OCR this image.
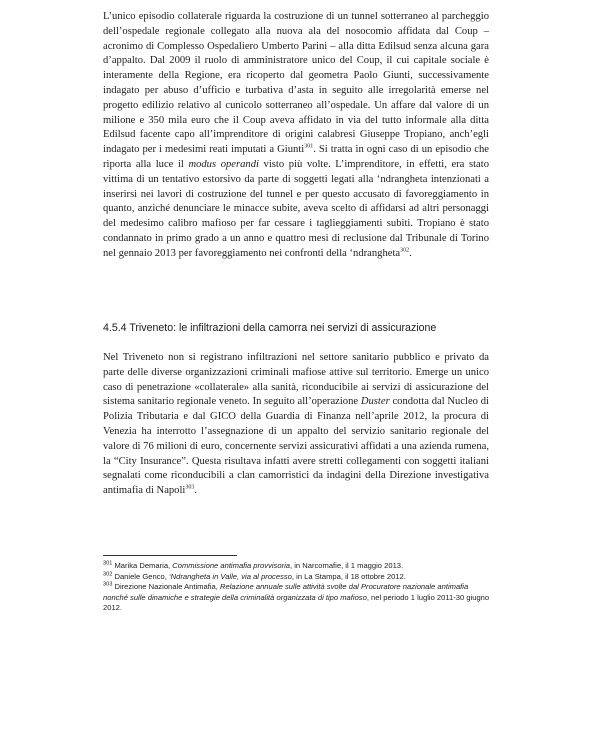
L’unico episodio collaterale riguarda la costruzione di un tunnel sotterraneo al parcheggio dell’ospedale regionale collegato alla nuova ala del nosocomio affidata dal Coup – acronimo di Complesso Ospedaliero Umberto Parini – alla ditta Edilsud senza alcuna gara d’appalto. Dal 2009 il ruolo di amministratore unico del Coup, il cui capitale sociale è interamente della Regione, era ricoperto dal geometra Paolo Giunti, successivamente indagato per abuso d’ufficio e turbativa d’asta in seguito alle irregolarità emerse nel progetto edilizio relativo al cunicolo sotterraneo all’ospedale. Un affare dal valore di un milione e 350 mila euro che il Coup aveva affidato in via del tutto informale alla ditta Edilsud facente capo all’imprenditore di origini calabresi Giuseppe Tropiano, anch’egli indagato per i medesimi reati imputati a Giunti$^{301}$. Si tratta in ogni caso di un episodio che riporta alla luce il modus operandi visto più volte. L’imprenditore, in effetti, era stato vittima di un tentativo estorsivo da parte di soggetti legati alla ‘ndrangheta intenzionati a inserirsi nei lavori di costruzione del tunnel e per questo accusato di favoreggiamento in quanto, anziché denunciare le minacce subite, aveva scelto di affidarsi ad altri personaggi del medesimo calibro mafioso per far cessare i taglieggiamenti subiti. Tropiano è stato condannato in primo grado a un anno e quattro mesi di reclusione dal Tribunale di Torino nel gennaio 2013 per favoreggiamento nei confronti della ‘ndrangheta$^{302}$.

4.5.4 Triveneto: le infiltrazioni della camorra nei servizi di assicurazione

Nel Triveneto non si registrano infiltrazioni nel settore sanitario pubblico e privato da parte delle diverse organizzazioni criminali mafiose attive sul territorio. Emerge un unico caso di penetrazione «collaterale» alla sanità, riconducibile ai servizi di assicurazione del sistema sanitario regionale veneto. In seguito all’operazione Duster condotta dal Nucleo di Polizia Tributaria e dal GICO della Guardia di Finanza nell’aprile 2012, la procura di Venezia ha interrotto l’assegnazione di un appalto del servizio sanitario regionale del valore di 76 milioni di euro, concernente servizi assicurativi affidati a una azienda rumena, la “City Insurance”. Questa risultava infatti avere stretti collegamenti con soggetti italiani segnalati come riconducibili a clan camorristici da indagini della Direzione investigativa antimafia di Napoli$^{303}$.

$^{301}$ Marika Demaria, Commissione antimafia provvisoria, in Narcomafie, il 1 maggio 2013.

$^{302}$ Daniele Genco, ‘Ndrangheta in Valle, via al processo, in La Stampa, il 18 ottobre 2012.

$^{303}$ Direzione Nazionale Antimafia, Relazione annuale sulle attività svolte dal Procuratore nazionale antimafia nonché sulle dinamiche e strategie della criminalità organizzata di tipo mafioso, nel periodo 1 luglio 2011-30 giugno 2012.
